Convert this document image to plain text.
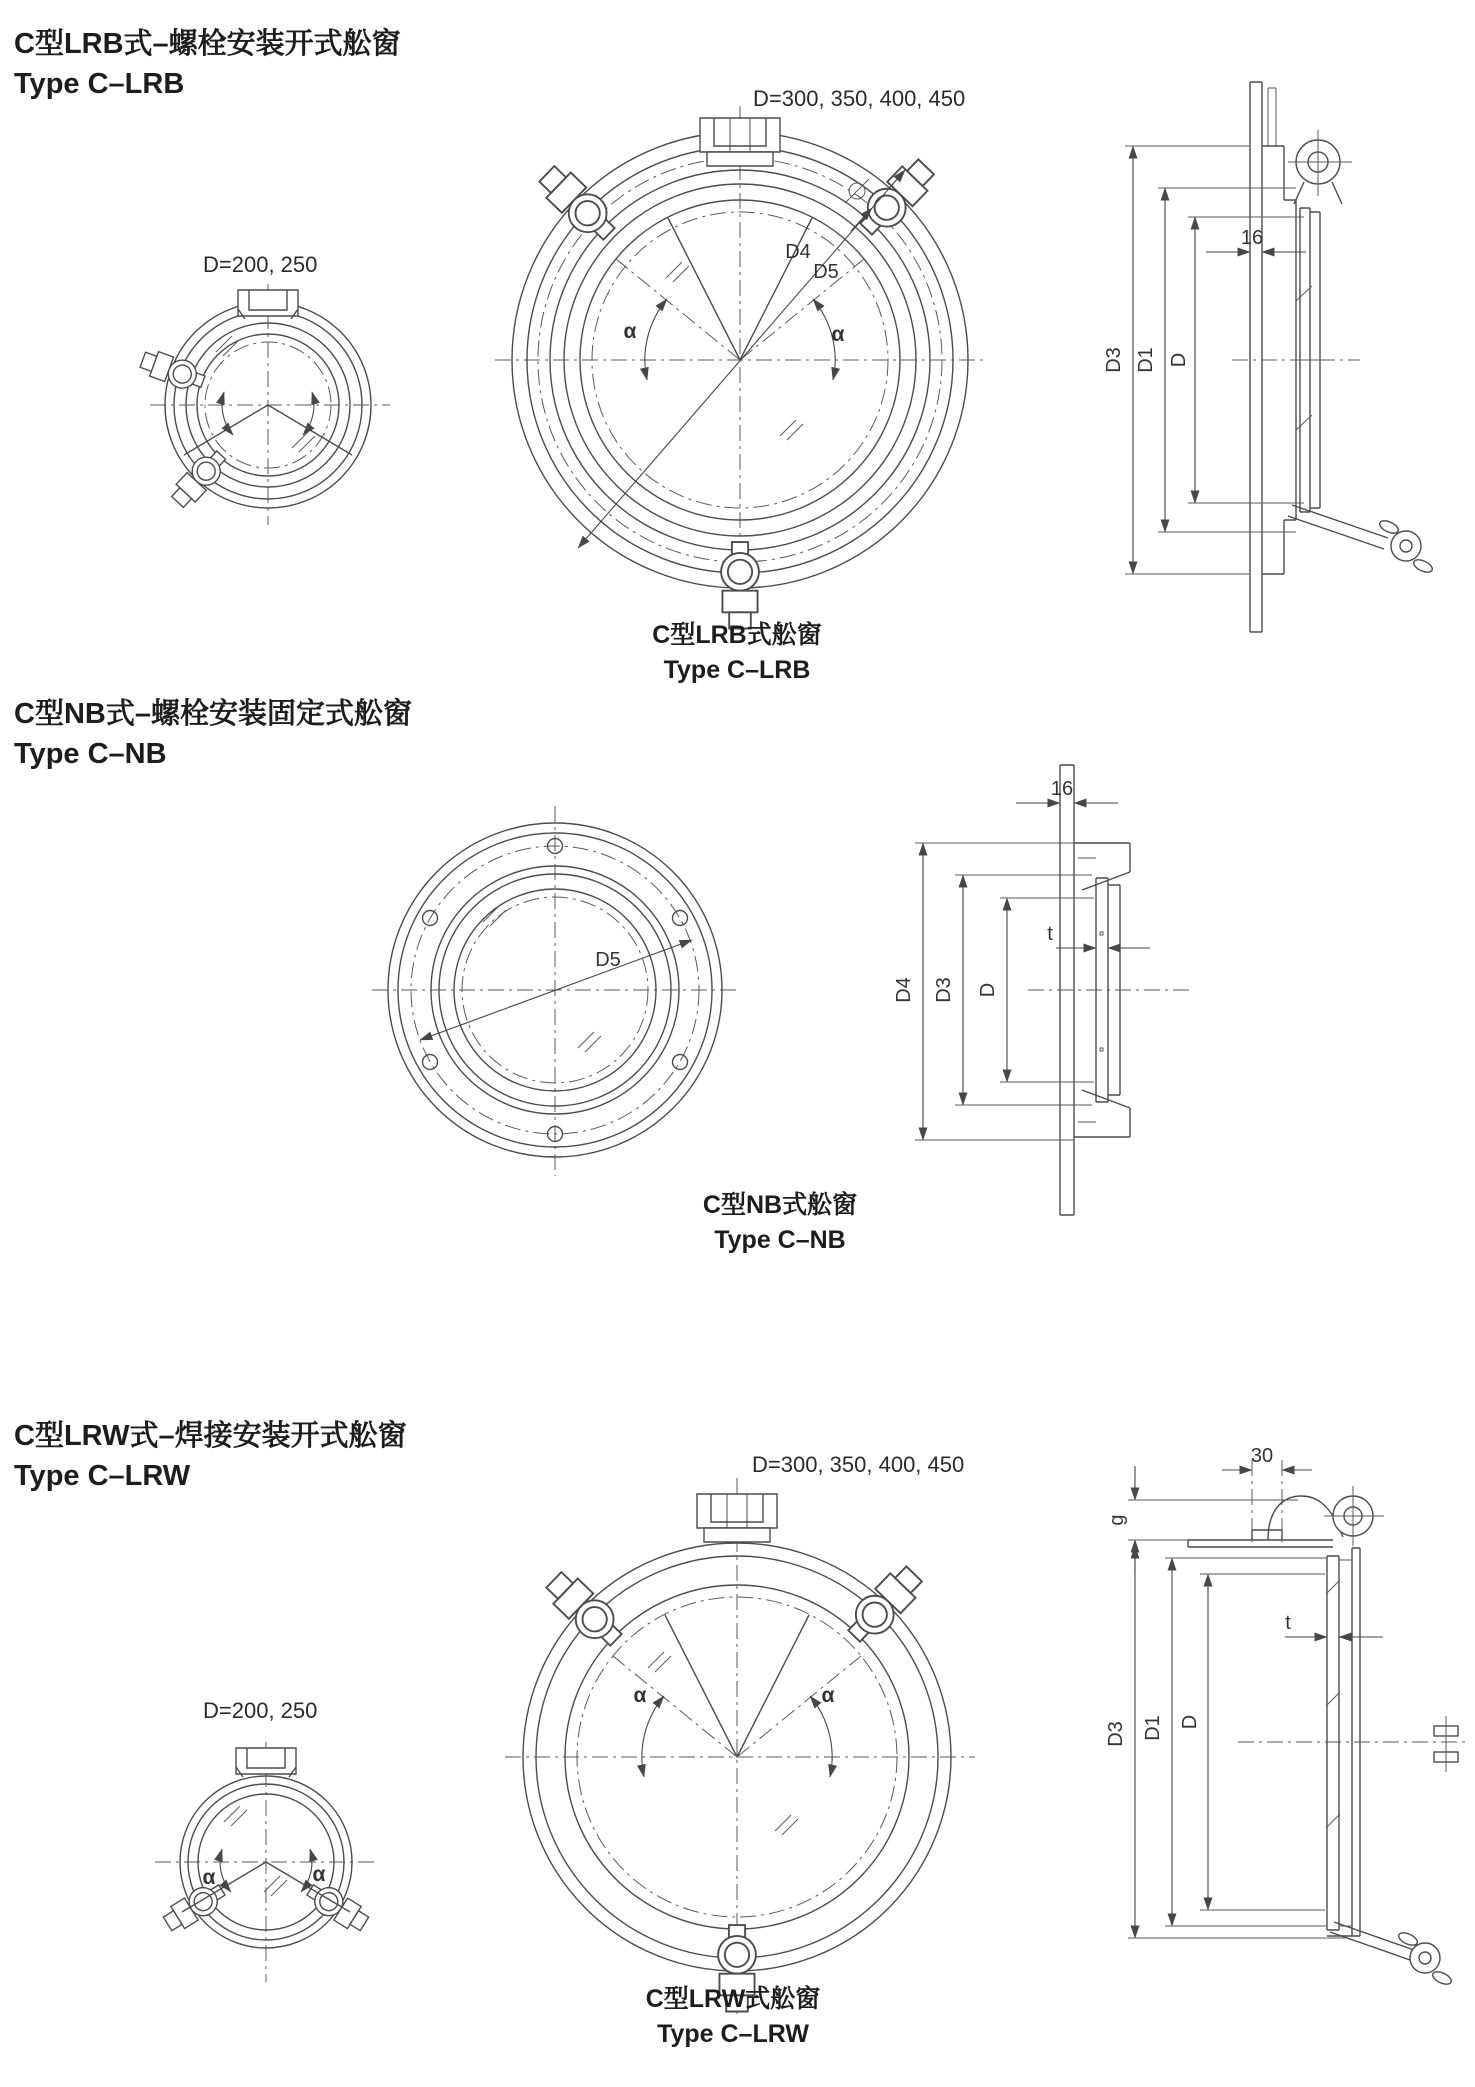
D4
D5
α	α
16
D3 D1 D
D5
16
t
D4 D3 D
α	α
α	α
30
g
t
D3 D1 D
C型LRB式–螺栓安装开式舩窗
Type C–LRB
C型NB式–螺栓安装固定式舩窗
Type C–NB
C型LRW式–焊接安装开式舩窗
Type C–LRW
D=200, 250
D=300, 350, 400, 450
D=300, 350, 400, 450
D=200, 250
C型LRB式舩窗
Type C–LRB
C型NB式舩窗
Type C–NB
C型LRW式舩窗
Type C–LRW
